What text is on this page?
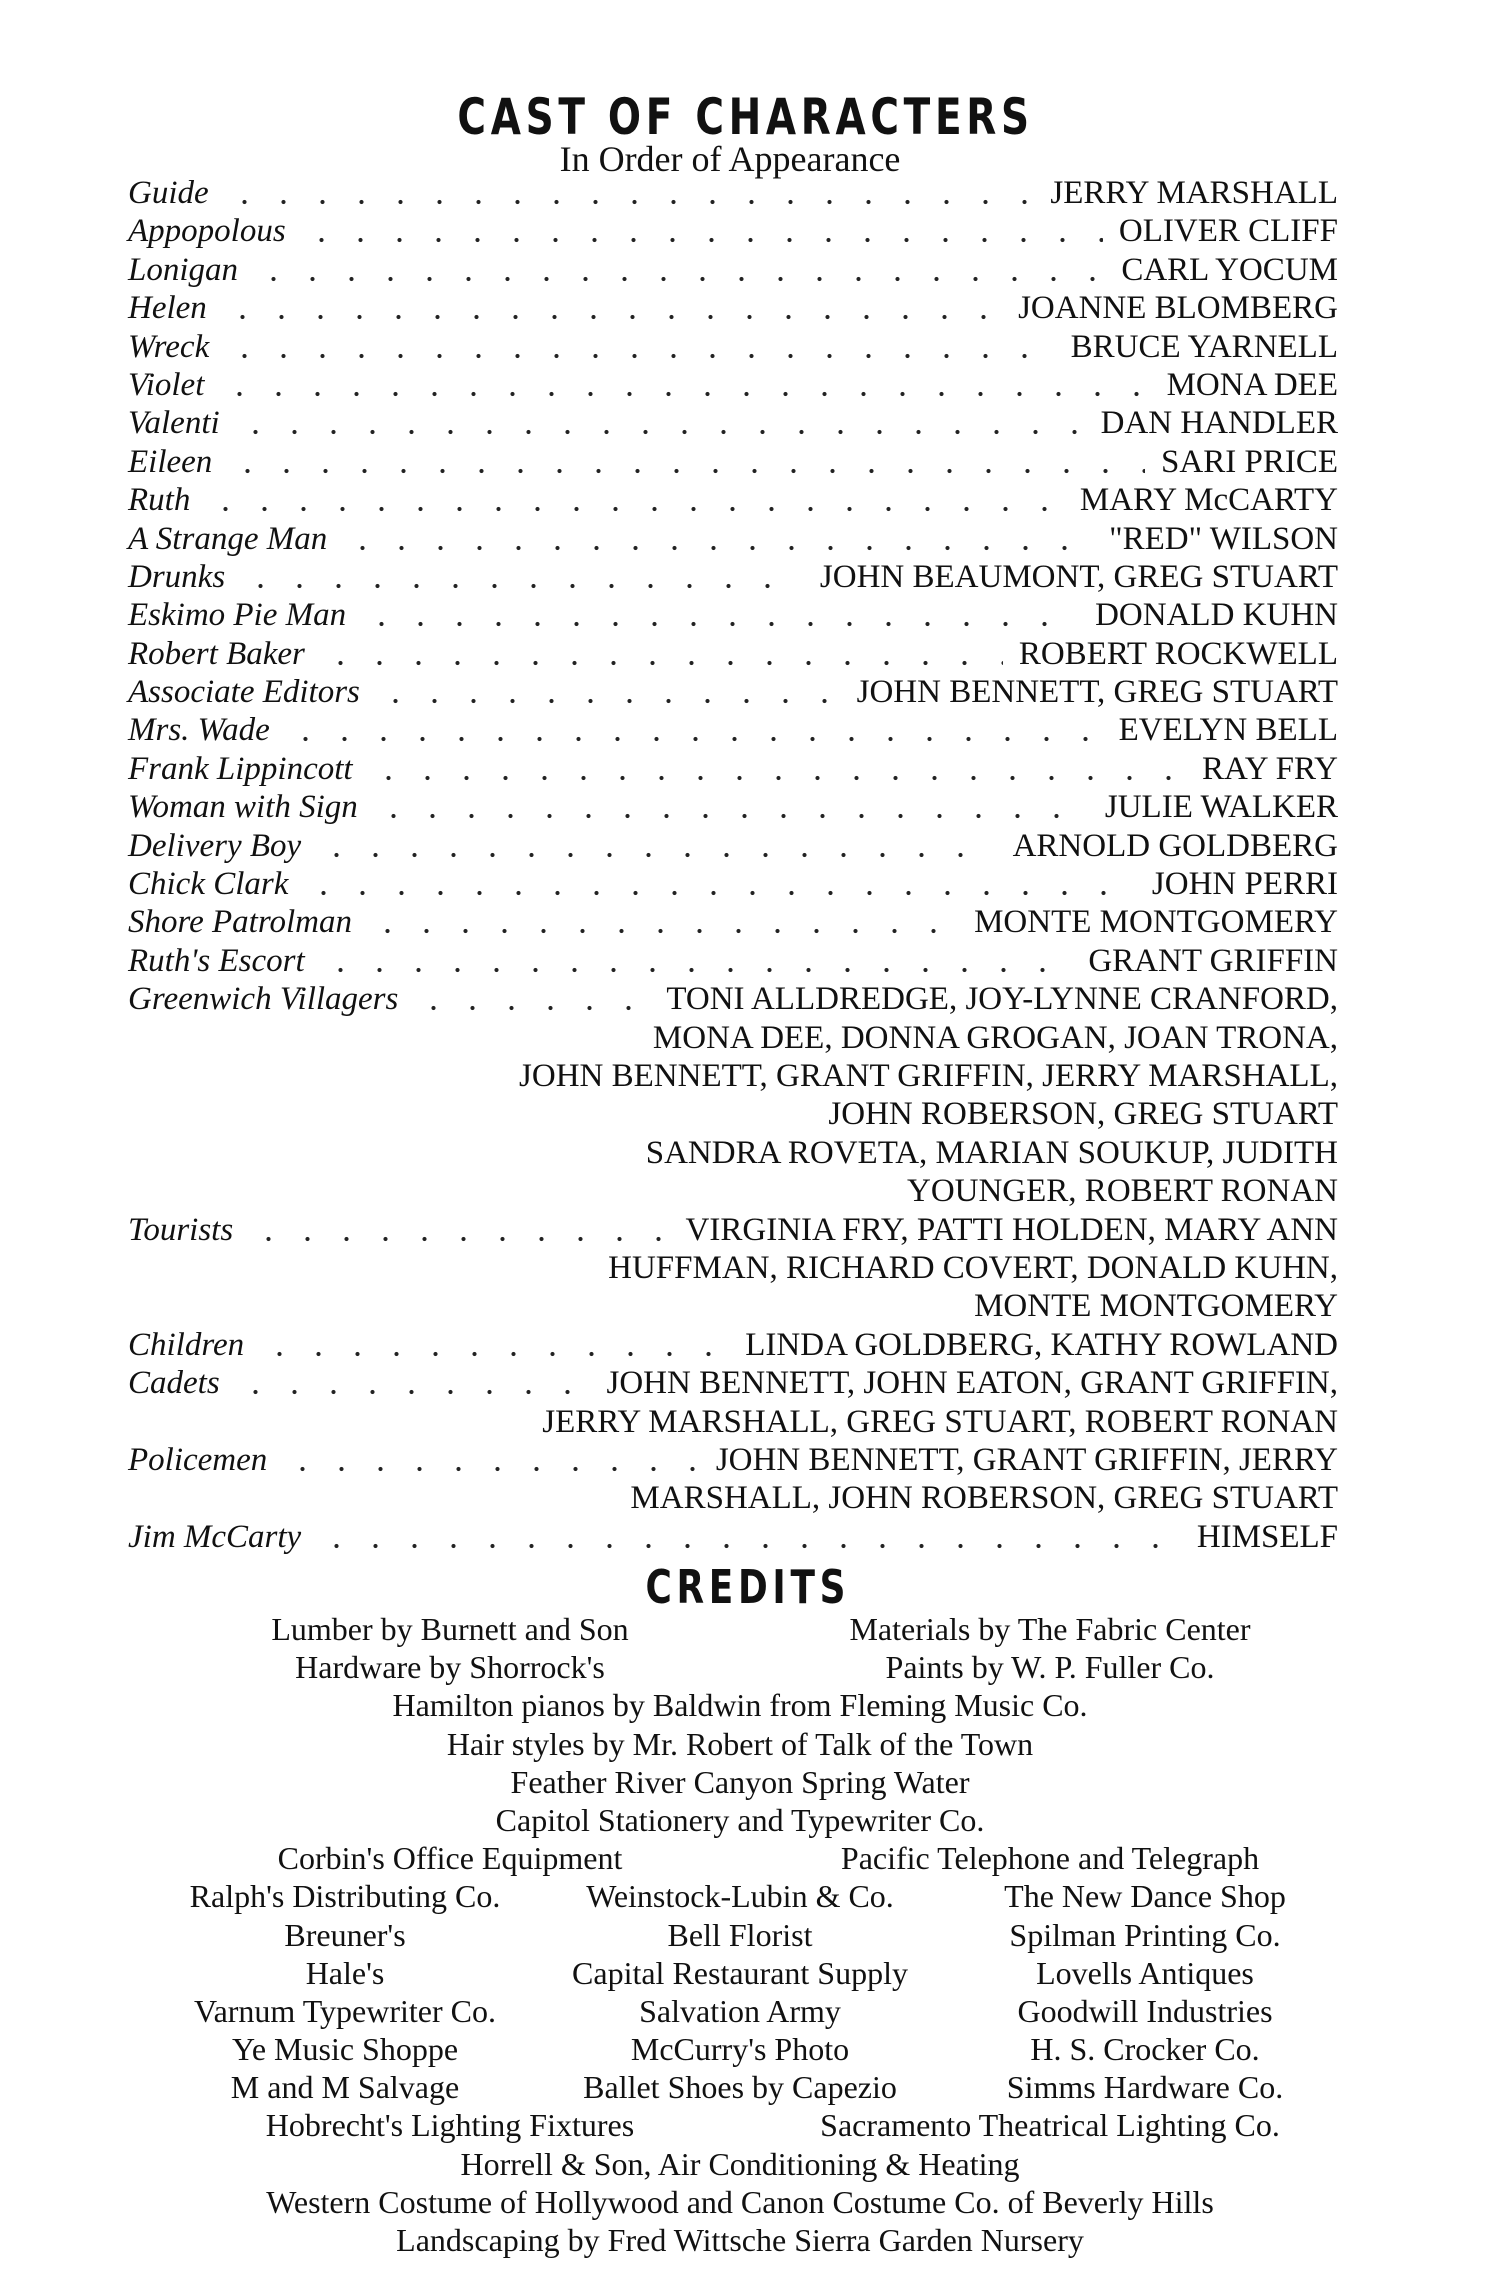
CAST OF CHARACTERS
In Order of Appearance
Guide	JERRY MARSHALL
Appopolous	OLIVER CLIFF
Lonigan	CARL YOCUM
Helen	JOANNE BLOMBERG
Wreck	BRUCE YARNELL
Violet	MONA DEE
Valenti	DAN HANDLER
Eileen	SARI PRICE
Ruth	MARY McCARTY
A Strange Man	"RED" WILSON
Drunks	JOHN BEAUMONT, GREG STUART
Eskimo Pie Man	DONALD KUHN
Robert Baker	ROBERT ROCKWELL
Associate Editors	JOHN BENNETT, GREG STUART
Mrs. Wade	EVELYN BELL
Frank Lippincott	RAY FRY
Woman with Sign	JULIE WALKER
Delivery Boy	ARNOLD GOLDBERG
Chick Clark	JOHN PERRI
Shore Patrolman	MONTE MONTGOMERY
Ruth's Escort	GRANT GRIFFIN
Greenwich Villagers	TONI ALLDREDGE, JOY-LYNNE CRANFORD,
MONA DEE, DONNA GROGAN, JOAN TRONA,
JOHN BENNETT, GRANT GRIFFIN, JERRY MARSHALL,
JOHN ROBERSON, GREG STUART
SANDRA ROVETA, MARIAN SOUKUP, JUDITH
YOUNGER, ROBERT RONAN
Tourists	VIRGINIA FRY, PATTI HOLDEN, MARY ANN
HUFFMAN, RICHARD COVERT, DONALD KUHN,
MONTE MONTGOMERY
Children	LINDA GOLDBERG, KATHY ROWLAND
Cadets	JOHN BENNETT, JOHN EATON, GRANT GRIFFIN,
JERRY MARSHALL, GREG STUART, ROBERT RONAN
Policemen	JOHN BENNETT, GRANT GRIFFIN, JERRY
MARSHALL, JOHN ROBERSON, GREG STUART
Jim McCarty	HIMSELF
CREDITS
Lumber by Burnett and Son	Materials by The Fabric Center
Hardware by Shorrock's	Paints by W. P. Fuller Co.
Hamilton pianos by Baldwin from Fleming Music Co.
Hair styles by Mr. Robert of Talk of the Town
Feather River Canyon Spring Water
Capitol Stationery and Typewriter Co.
Corbin's Office Equipment	Pacific Telephone and Telegraph
Ralph's Distributing Co.	Weinstock-Lubin & Co.	The New Dance Shop
Breuner's	Bell Florist	Spilman Printing Co.
Hale's	Capital Restaurant Supply	Lovells Antiques
Varnum Typewriter Co.	Salvation Army	Goodwill Industries
Ye Music Shoppe	McCurry's Photo	H. S. Crocker Co.
M and M Salvage	Ballet Shoes by Capezio	Simms Hardware Co.
Hobrecht's Lighting Fixtures	Sacramento Theatrical Lighting Co.
Horrell & Son, Air Conditioning & Heating
Western Costume of Hollywood and Canon Costume Co. of Beverly Hills
Landscaping by Fred Wittsche Sierra Garden Nursery
